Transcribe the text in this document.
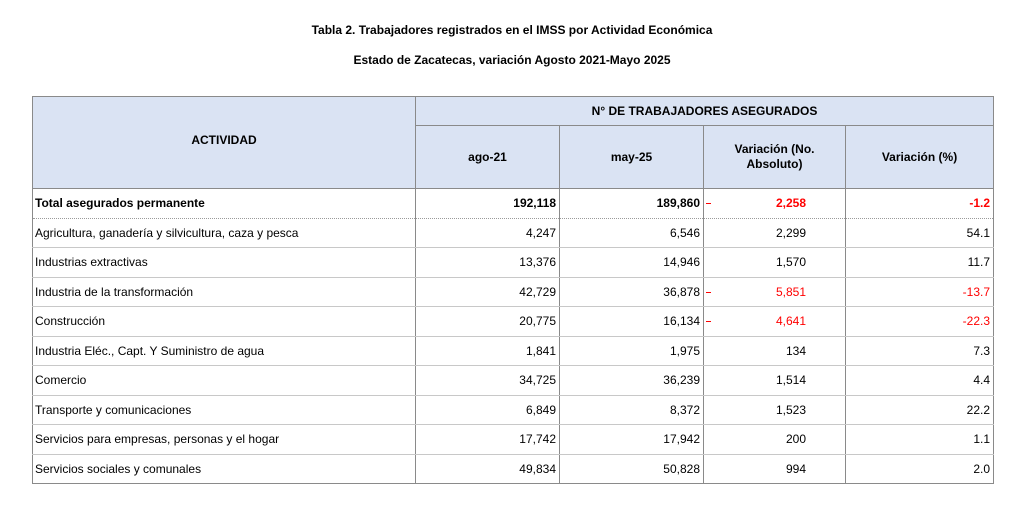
Tabla 2. Trabajadores registrados en el IMSS por Actividad Económica
Estado de Zacatecas, variación Agosto 2021-Mayo 2025
ACTIVIDAD	N° DE TRABAJADORES ASEGURADOS			
	ago-21	may-25	Variación (No. Absoluto)	Variación (%)
Total asegurados permanente	192,118	189,860	2,258	-1.2
Agricultura, ganadería y silvicultura, caza y pesca	4,247	6,546	2,299	54.1
Industrias extractivas	13,376	14,946	1,570	11.7
Industria de la transformación	42,729	36,878	5,851	-13.7
Construcción	20,775	16,134	4,641	-22.3
Industria Eléc., Capt. Y Suministro de agua	1,841	1,975	134	7.3
Comercio	34,725	36,239	1,514	4.4
Transporte y comunicaciones	6,849	8,372	1,523	22.2
Servicios para empresas, personas y el hogar	17,742	17,942	200	1.1
Servicios sociales y comunales	49,834	50,828	994	2.0
